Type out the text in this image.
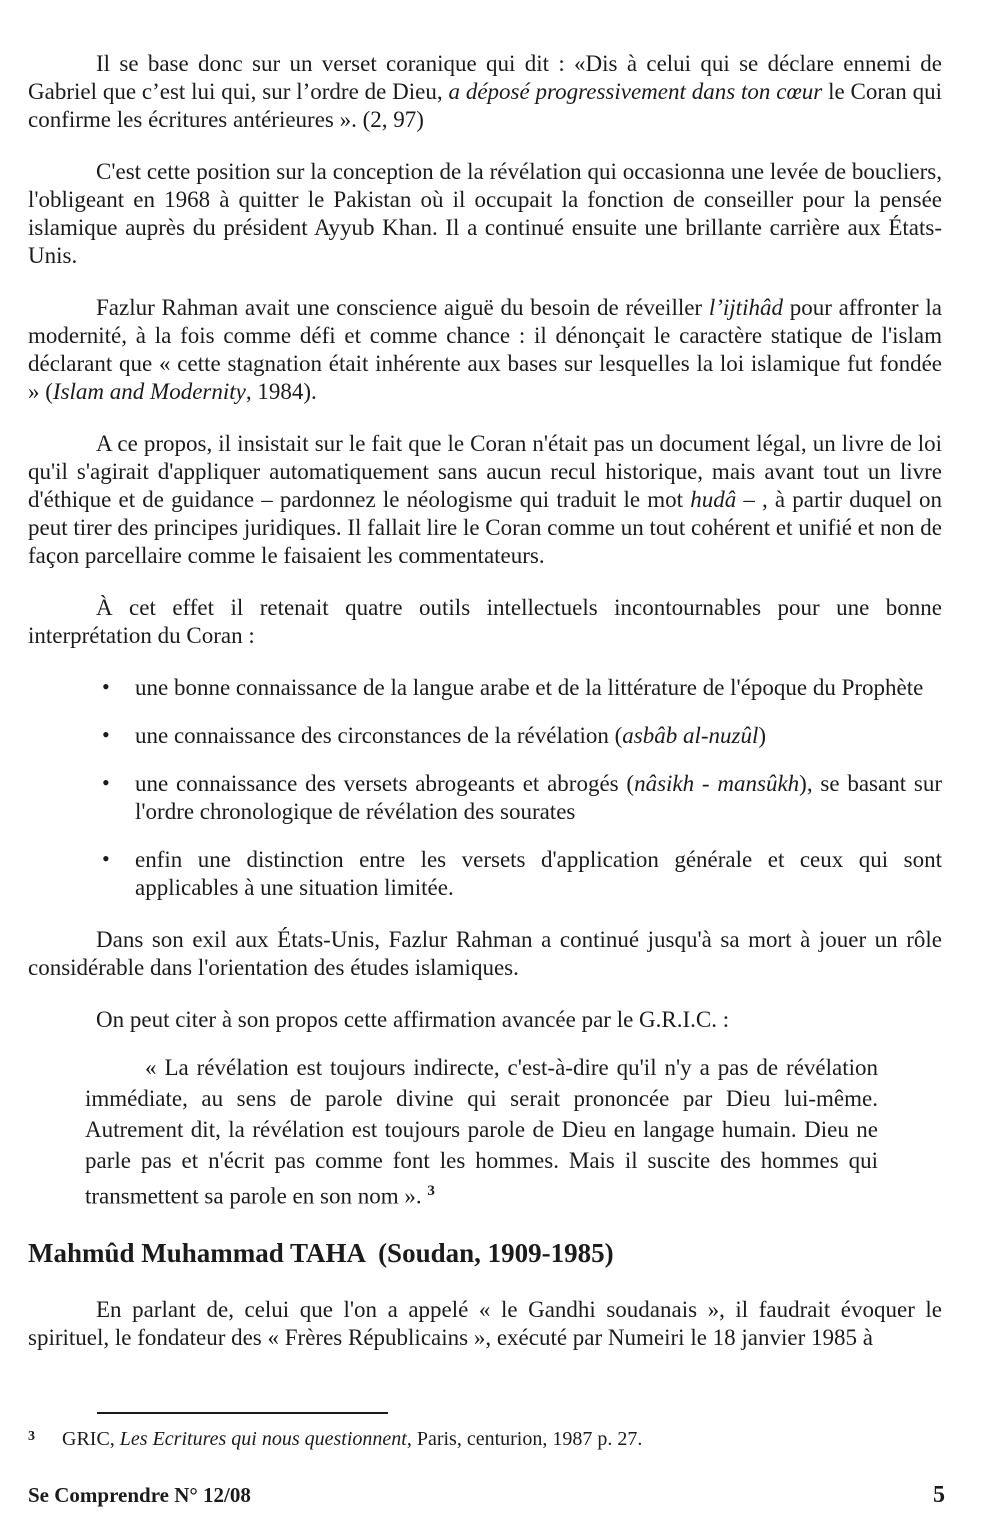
Il se base donc sur un verset coranique qui dit : «Dis à celui qui se déclare ennemi de Gabriel que c’est lui qui, sur l’ordre de Dieu, a déposé progressivement dans ton cœur le Coran qui confirme les écritures antérieures ». (2, 97)

C'est cette position sur la conception de la révélation qui occasionna une levée de boucliers, l'obligeant en 1968 à quitter le Pakistan où il occupait la fonction de conseiller pour la pensée islamique auprès du président Ayyub Khan. Il a continué ensuite une brillante carrière aux États-Unis.

Fazlur Rahman avait une conscience aiguë du besoin de réveiller l’ijtihâd pour affronter la modernité, à la fois comme défi et comme chance : il dénonçait le caractère statique de l'islam déclarant que « cette stagnation était inhérente aux bases sur lesquelles la loi islamique fut fondée » (Islam and Modernity, 1984).

A ce propos, il insistait sur le fait que le Coran n'était pas un document légal, un livre de loi qu'il s'agirait d'appliquer automatiquement sans aucun recul historique, mais avant tout un livre d'éthique et de guidance – pardonnez le néologisme qui traduit le mot hudâ – , à partir duquel on peut tirer des principes juridiques. Il fallait lire le Coran comme un tout cohérent et unifié et non de façon parcellaire comme le faisaient les commentateurs.

À cet effet il retenait quatre outils intellectuels incontournables pour une bonne interprétation du Coran :

• une bonne connaissance de la langue arabe et de la littérature de l'époque du Prophète
• une connaissance des circonstances de la révélation (asbâb al-nuzûl)
• une connaissance des versets abrogeants et abrogés (nâsikh - mansûkh), se basant sur l'ordre chronologique de révélation des sourates
• enfin une distinction entre les versets d'application générale et ceux qui sont applicables à une situation limitée.

Dans son exil aux États-Unis, Fazlur Rahman a continué jusqu'à sa mort à jouer un rôle considérable dans l'orientation des études islamiques.

On peut citer à son propos cette affirmation avancée par le G.R.I.C. :

« La révélation est toujours indirecte, c'est-à-dire qu'il n'y a pas de révélation immédiate, au sens de parole divine qui serait prononcée par Dieu lui-même. Autrement dit, la révélation est toujours parole de Dieu en langage humain. Dieu ne parle pas et n'écrit pas comme font les hommes. Mais il suscite des hommes qui transmettent sa parole en son nom ». $^3$
Mahmûd Muhammad TAHA  (Soudan, 1909-1985)

En parlant de, celui que l'on a appelé « le Gandhi soudanais », il faudrait évoquer le spirituel, le fondateur des « Frères Républicains », exécuté par Numeiri le 18 janvier 1985 à

3 GRIC, Les Ecritures qui nous questionnent, Paris, centurion, 1987 p. 27.
Se Comprendre N° 12/08	5
